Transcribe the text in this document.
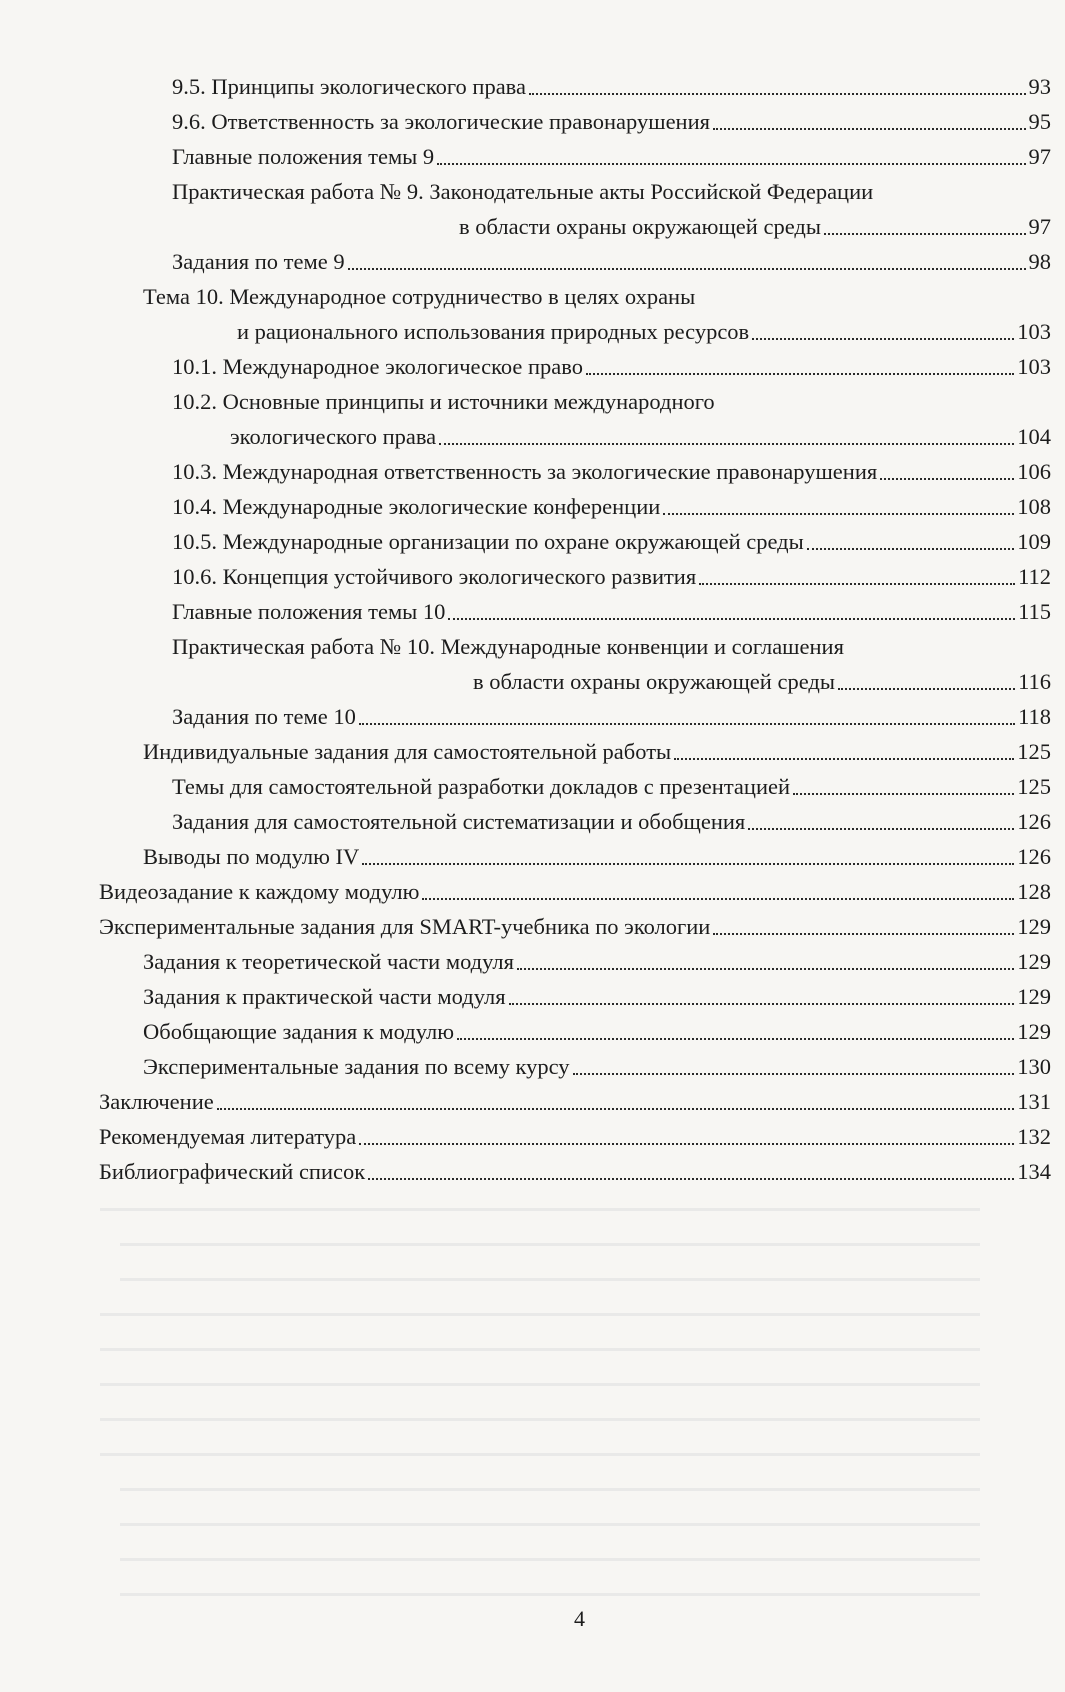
9.5. Принципы экологического права	93
9.6. Ответственность за экологические правонарушения	95
Главные положения темы 9	97
Практическая работа № 9. Законодательные акты Российской Федерации
в области охраны окружающей среды	97
Задания по теме 9	98
Тема 10. Международное сотрудничество в целях охраны
и рационального использования природных ресурсов	103
10.1. Международное экологическое право	103
10.2. Основные принципы и источники международного
экологического права	104
10.3. Международная ответственность за экологические правонарушения	106
10.4. Международные экологические конференции	108
10.5. Международные организации по охране окружающей среды	109
10.6. Концепция устойчивого экологического развития	112
Главные положения темы 10	115
Практическая работа № 10. Международные конвенции и соглашения
в области охраны окружающей среды	116
Задания по теме 10	118
Индивидуальные задания для самостоятельной работы	125
Темы для самостоятельной разработки докладов с презентацией	125
Задания для самостоятельной систематизации и обобщения	126
Выводы по модулю IV	126
Видеозадание к каждому модулю	128
Экспериментальные задания для SMART-учебника по экологии	129
Задания к теоретической части модуля	129
Задания к практической части модуля	129
Обобщающие задания к модулю	129
Экспериментальные задания по всему курсу	130
Заключение	131
Рекомендуемая литература	132
Библиографический список	134
4
